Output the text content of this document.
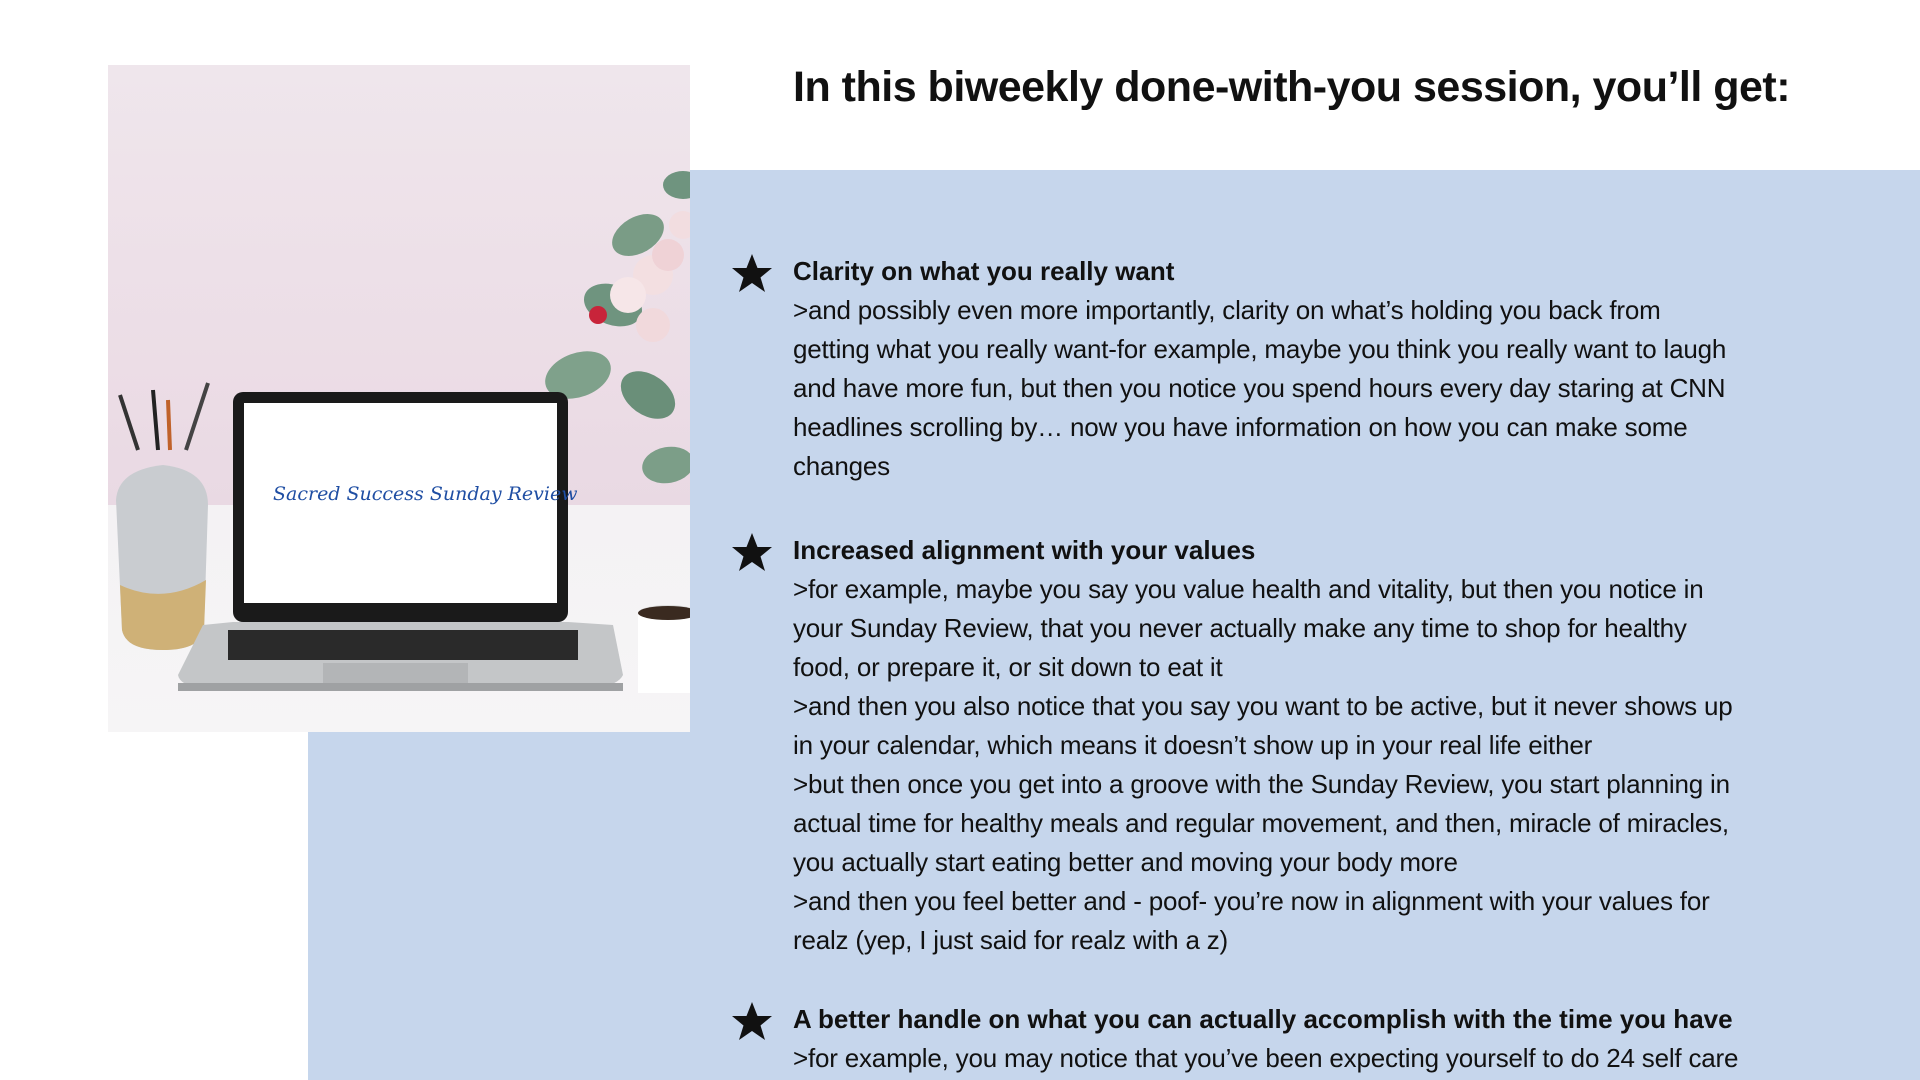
Sacred Success Sunday Review
In this biweekly done-with-you session, you’ll get:

Clarity on what you really want

>and possibly even more importantly, clarity on what’s holding you back from

getting what you really want-for example, maybe you think you really want to laugh

and have more fun, but then you notice you spend hours every day staring at CNN

headlines scrolling by… now you have information on how you can make some

changes

Increased alignment with your values

>for example, maybe you say you value health and vitality, but then you notice in

your Sunday Review, that you never actually make any time to shop for healthy

food, or prepare it, or sit down to eat it

>and then you also notice that you say you want to be active, but it never shows up

in your calendar, which means it doesn’t show up in your real life either

>but then once you get into a groove with the Sunday Review, you start planning in

actual time for healthy meals and regular movement, and then, miracle of miracles,

you actually start eating better and moving your body more

>and then you feel better and - poof- you’re now in alignment with your values for

realz (yep, I just said for realz with a z)

A better handle on what you can actually accomplish with the time you have

>for example, you may notice that you’ve been expecting yourself to do 24 self care
